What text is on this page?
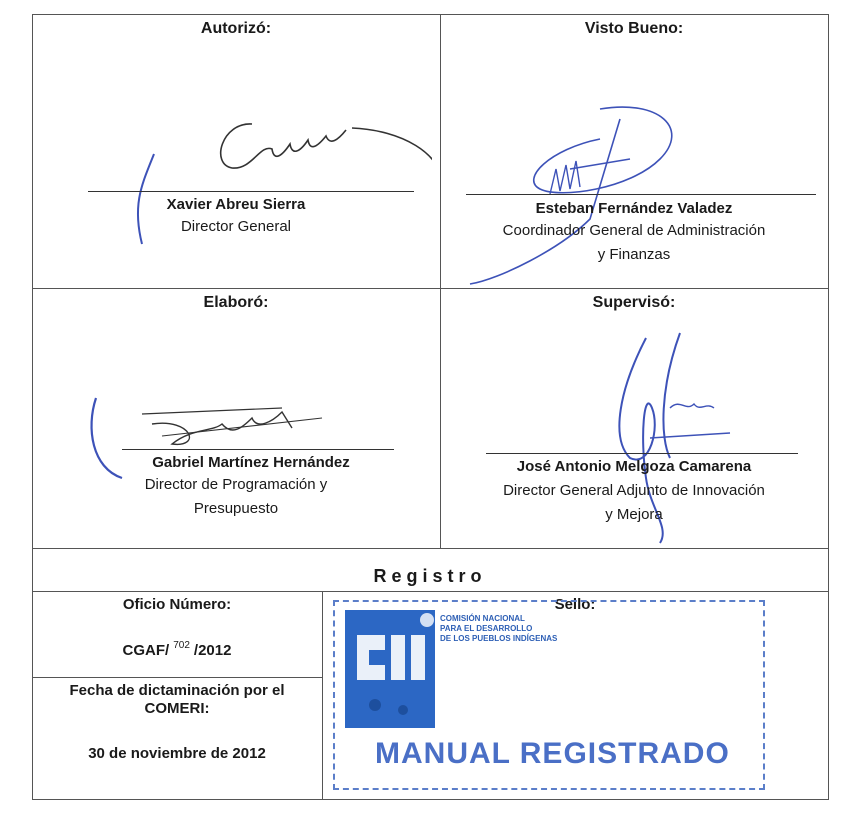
Autorizó:
Xavier Abreu Sierra
Director General
Visto Bueno:
Esteban Fernández Valadez
Coordinador General de Administración
y Finanzas
Elaboró:
Gabriel Martínez Hernández
Director de Programación y
Presupuesto
Supervisó:
José Antonio Melgoza Camarena
Director General Adjunto de Innovación
y Mejora
Registro
Oficio Número:
CGAF/ $^{702}$ /2012
Fecha de dictaminación por el
COMERI:
30 de noviembre de 2012
Sello:
COMISIÓN NACIONAL
PARA EL DESARROLLO
DE LOS PUEBLOS INDÍGENAS
MANUAL REGISTRADO
